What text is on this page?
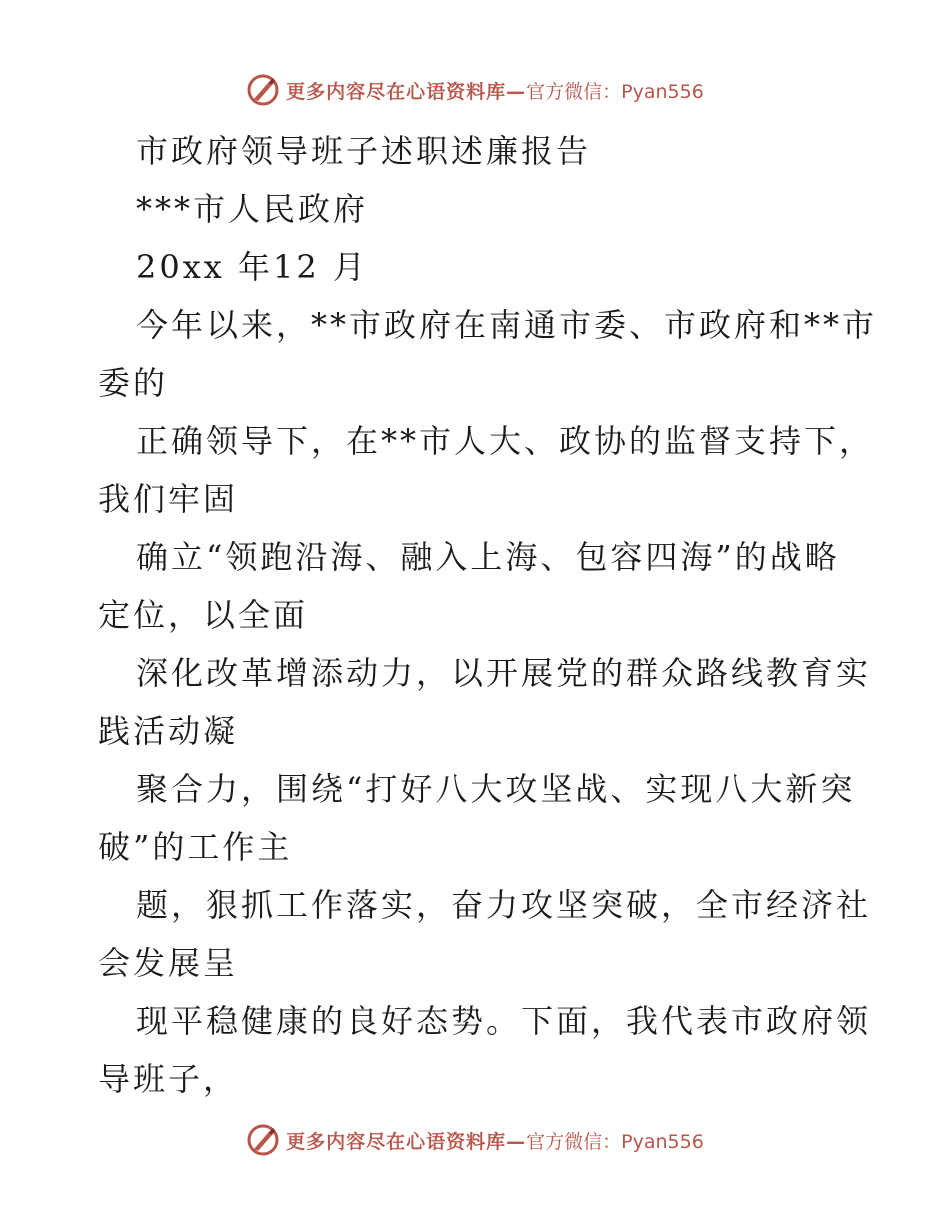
更多内容尽在心语资料库— 官方微信：Pyan556
市政府领导班子述职述廉报告
***市人民政府
20xx 年12 月
今年以来，**市政府在南通市委、市政府和**市
委的
正确领导下，在**市人大、政协的监督支持下，
我们牢固
确立“领跑沿海、融入上海、包容四海”的战略
定位，以全面
深化改革增添动力，以开展党的群众路线教育实
践活动凝
聚合力，围绕“打好八大攻坚战、实现八大新突
破”的工作主
题，狠抓工作落实，奋力攻坚突破，全市经济社
会发展呈
现平稳健康的良好态势。下面，我代表市政府领
导班子，
更多内容尽在心语资料库— 官方微信：Pyan556
